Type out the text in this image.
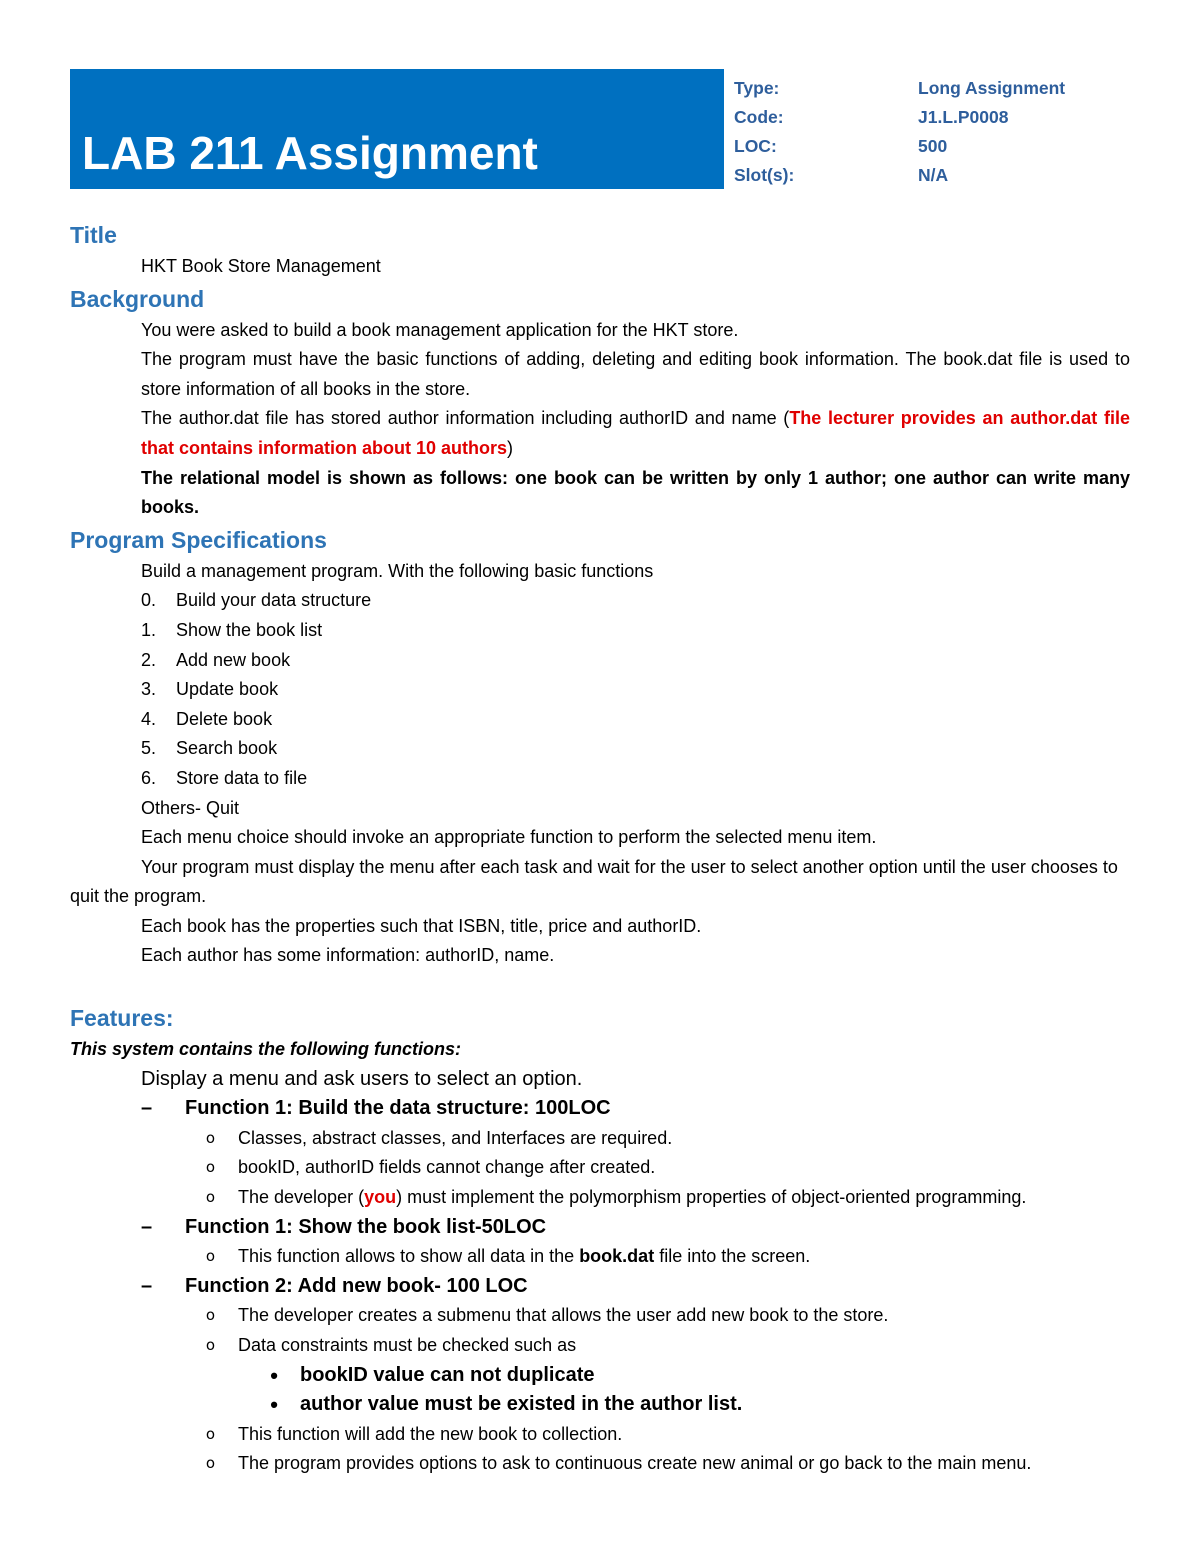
LAB 211 Assignment
Type:	Long Assignment
Code:	J1.L.P0008
LOC:	500
Slot(s):	N/A
Title
HKT Book Store Management
Background
You were asked to build a book management application for the HKT store.
The program must have the basic functions of adding, deleting and editing book information. The book.dat file is used to store information of all books in the store.
The author.dat file has stored author information including authorID and name (The lecturer provides an author.dat file that contains information about 10 authors)
The relational model is shown as follows: one book can be written by only 1 author; one author can write many books.
Program Specifications
Build a management program. With the following basic functions
0.	Build your data structure
1.	Show the book list
2.	Add new book
3.	Update book
4.	Delete book
5.	Search book
6.	Store data to file
Others- Quit
Each menu choice should invoke an appropriate function to perform the selected menu item.
Your program must display the menu after each task and wait for the user to select another option until the user chooses to quit the program.
Each book has the properties such that ISBN, title, price and authorID.
Each author has some information: authorID, name.
Features:
This system contains the following functions:
Display a menu and ask users to select an option.
–	Function 1: Build the data structure: 100LOC
o	Classes, abstract classes, and Interfaces are required.
o	bookID, authorID fields cannot change after created.
o	The developer (you) must implement the polymorphism properties of object-oriented programming.
–	Function 1: Show the book list-50LOC
o	This function allows to show all data in the book.dat file into the screen.
–	Function 2: Add new book- 100 LOC
o	The developer creates a submenu that allows the user add new book to the store.
o	Data constraints must be checked such as
•	bookID value can not duplicate
•	author value must be existed in the author list.
o	This function will add the new book to collection.
o	The program provides options to ask to continuous create new animal or go back to the main menu.
